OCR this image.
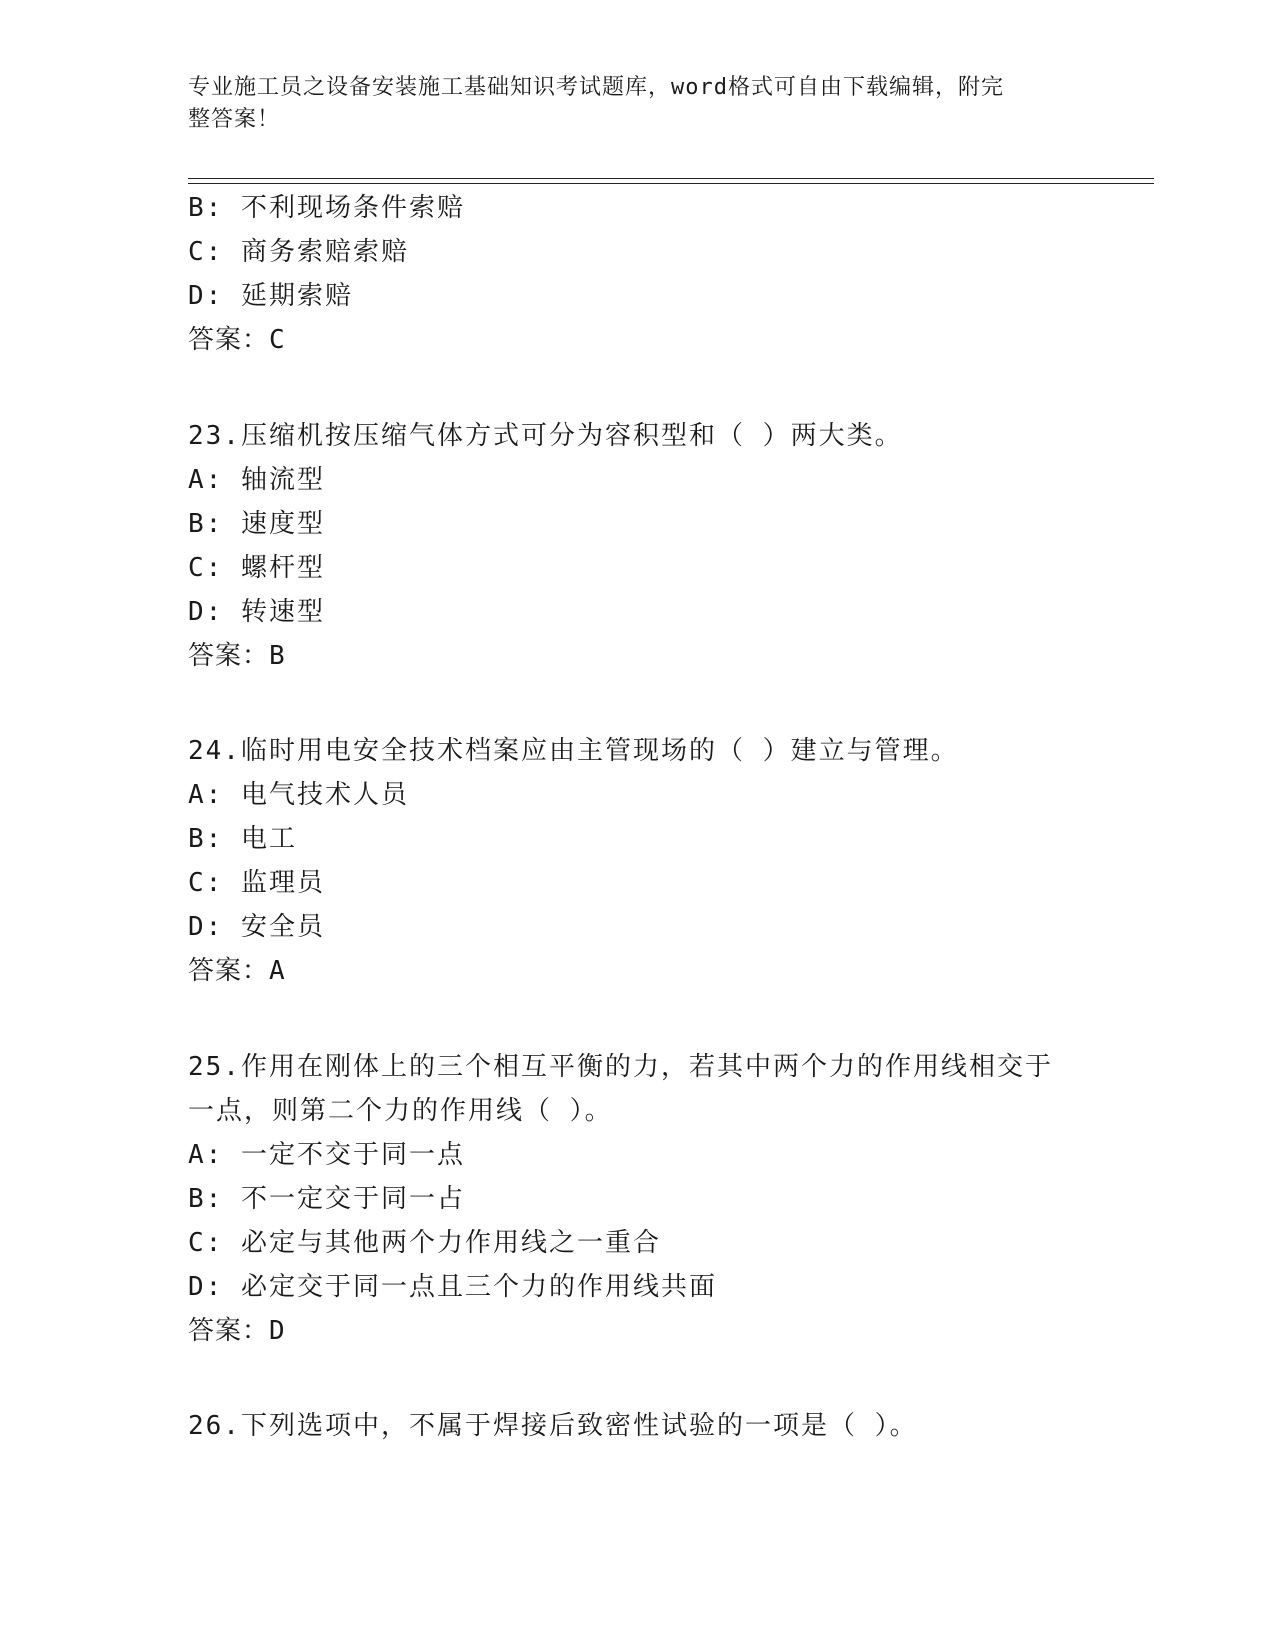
专业施工员之设备安装施工基础知识考试题库，word格式可自由下载编辑，附完
整答案！
B: 不利现场条件索赔
C: 商务索赔索赔
D: 延期索赔
答案：C
23.压缩机按压缩气体方式可分为容积型和（ ）两大类。
A: 轴流型
B: 速度型
C: 螺杆型
D: 转速型
答案：B
24.临时用电安全技术档案应由主管现场的（ ）建立与管理。
A: 电气技术人员
B: 电工
C: 监理员
D: 安全员
答案：A
25.作用在刚体上的三个相互平衡的力，若其中两个力的作用线相交于
一点，则第二个力的作用线（ ）。
A: 一定不交于同一点
B: 不一定交于同一占
C: 必定与其他两个力作用线之一重合
D: 必定交于同一点且三个力的作用线共面
答案：D
26.下列选项中，不属于焊接后致密性试验的一项是（ ）。
